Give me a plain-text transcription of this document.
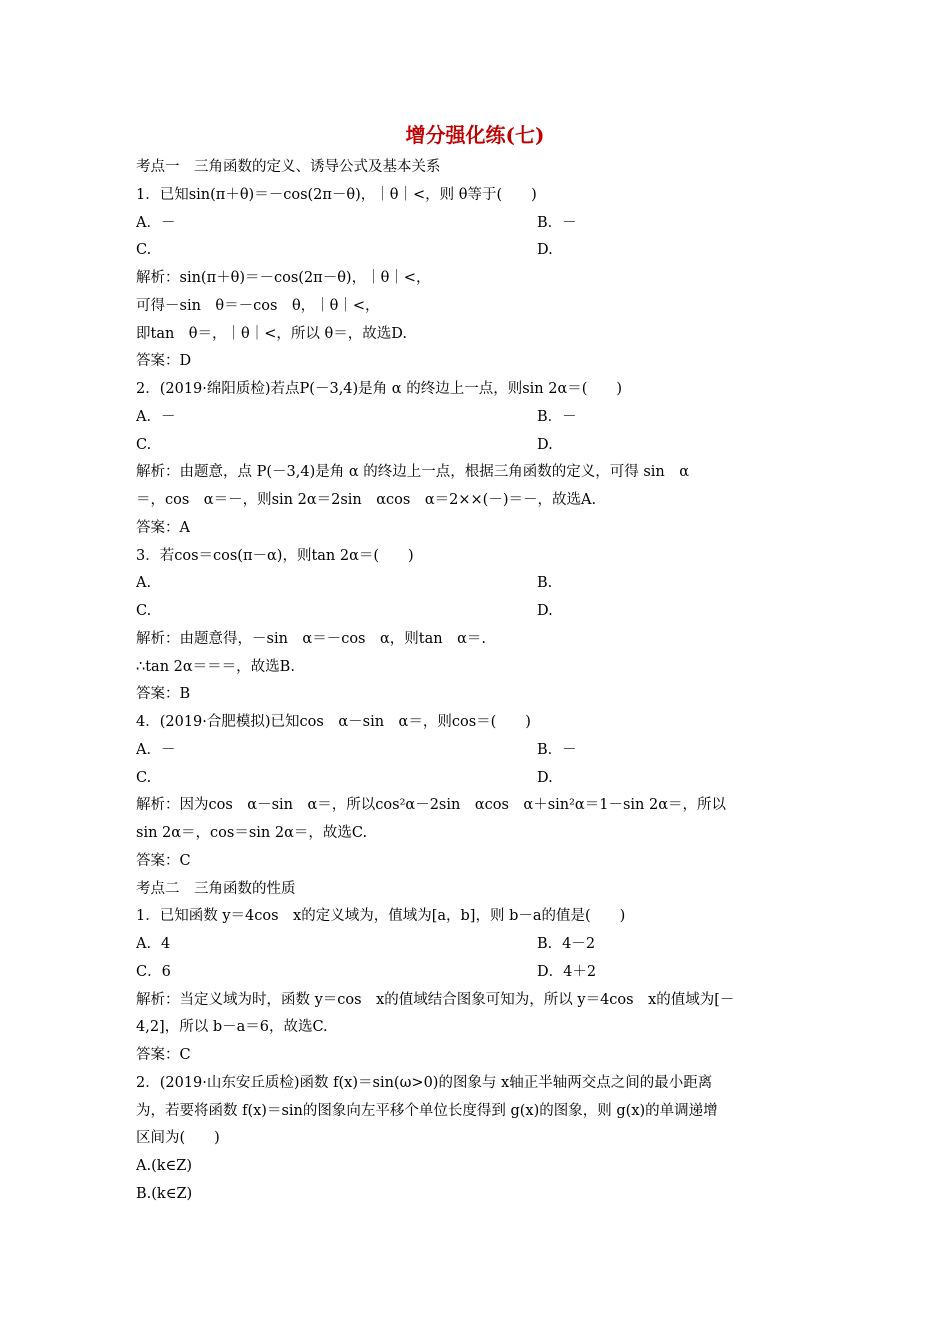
增分强化练(七)
考点一　三角函数的定义、诱导公式及基本关系
1．已知sin(π＋θ)＝－cos(2π－θ)，｜θ｜<，则 θ等于(　　)
A．－	B．－
C.	D.
解析：sin(π＋θ)＝－cos(2π－θ)，｜θ｜<，
可得－sin　θ＝－cos　θ，｜θ｜<，
即tan　θ＝，｜θ｜<，所以 θ＝，故选D.
答案：D
2．(2019·绵阳质检)若点P(－3,4)是角 α 的终边上一点，则sin 2α＝(　　)
A．－	B．－
C.	D.
解析：由题意，点 P(－3,4)是角 α 的终边上一点，根据三角函数的定义，可得 sin　α
＝，cos　α＝－，则sin 2α＝2sin　αcos　α＝2××(－)＝－，故选A.
答案：A
3．若cos＝cos(π－α)，则tan 2α＝(　　)
A.	B.
C.	D.
解析：由题意得，－sin　α＝－cos　α，则tan　α＝.
∴tan 2α＝＝＝，故选B.
答案：B
4．(2019·合肥模拟)已知cos　α－sin　α＝，则cos＝(　　)
A．－	B．－
C.	D.
解析：因为cos　α－sin　α＝，所以cos²α－2sin　αcos　α＋sin²α＝1－sin 2α＝，所以
sin 2α＝，cos＝sin 2α＝，故选C.
答案：C
考点二　三角函数的性质
1．已知函数 y＝4cos　x的定义域为，值域为[a，b]，则 b－a的值是(　　)
A．4	B．4－2
C．6	D．4＋2
解析：当定义域为时，函数 y＝cos　x的值域结合图象可知为，所以 y＝4cos　x的值域为[－
4,2]，所以 b－a＝6，故选C.
答案：C
2．(2019·山东安丘质检)函数 f(x)＝sin(ω>0)的图象与 x轴正半轴两交点之间的最小距离
为，若要将函数 f(x)＝sin的图象向左平移个单位长度得到 g(x)的图象，则 g(x)的单调递增
区间为(　　)
A.(k∈Z)
B.(k∈Z)
